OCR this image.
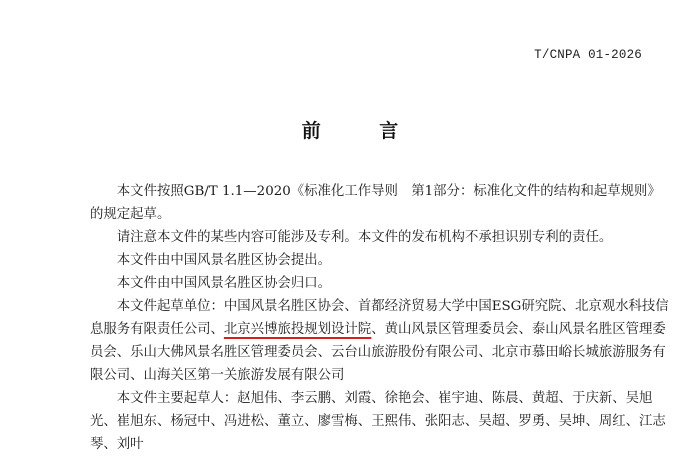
T/CNPA 01-2026
前 言

本文件按照GB/T 1.1—2020《标准化工作导则　第1部分：标准化文件的结构和起草规则》的规定起草。

请注意本文件的某些内容可能涉及专利。本文件的发布机构不承担识别专利的责任。

本文件由中国风景名胜区协会提出。

本文件由中国风景名胜区协会归口。

本文件起草单位：中国风景名胜区协会、首都经济贸易大学中国ESG研究院、北京观水科技信息服务有限责任公司、北京兴博旅投规划设计院、黄山风景区管理委员会、泰山风景名胜区管理委员会、乐山大佛风景名胜区管理委员会、云台山旅游股份有限公司、北京市慕田峪长城旅游服务有限公司、山海关区第一关旅游发展有限公司

本文件主要起草人：赵旭伟、李云鹏、刘霞、徐艳会、崔宇迪、陈晨、黄超、于庆新、吴旭光、崔旭东、杨冠中、冯进松、董立、廖雪梅、王熙伟、张阳志、吴超、罗勇、吴坤、周红、江志琴、刘叶
